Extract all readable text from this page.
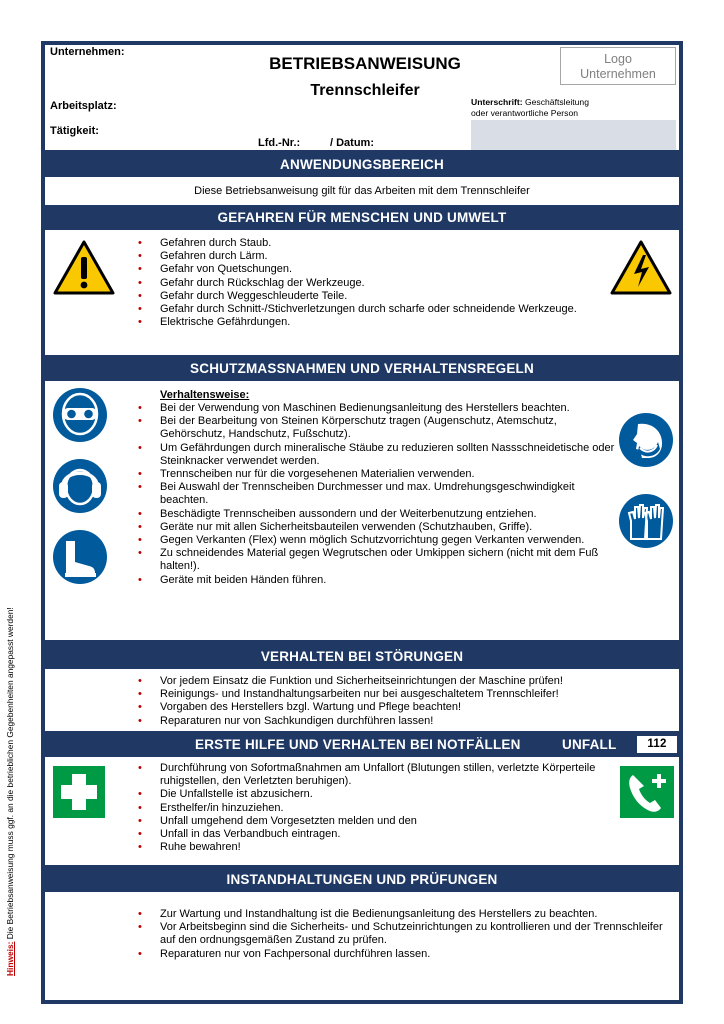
Hinweis: Die Betriebsanweisung muss ggf. an die betrieblichen Gegebenheiten angepasst werden!
Unternehmen:
Arbeitsplatz:
Tätigkeit:
BETRIEBSANWEISUNG
Trennschleifer
Lfd.-Nr.:	/ Datum:
Logo
Unternehmen
Unterschrift: Geschäftsleitung
oder verantwortliche Person
ANWENDUNGSBEREICH
Diese Betriebsanweisung gilt für das Arbeiten mit dem Trennschleifer
GEFAHREN FÜR MENSCHEN UND UMWELT
• Gefahren durch Staub.
• Gefahren durch Lärm.
• Gefahr von Quetschungen.
• Gefahr durch Rückschlag der Werkzeuge.
• Gefahr durch Weggeschleuderte Teile.
• Gefahr durch Schnitt-/Stichverletzungen durch scharfe oder schneidende Werkzeuge.
• Elektrische Gefährdungen.
SCHUTZMASSNAHMEN UND VERHALTENSREGELN
Verhaltensweise:
• Bei der Verwendung von Maschinen Bedienungsanleitung des Herstellers beachten.
• Bei der Bearbeitung von Steinen Körperschutz tragen (Augenschutz, Atemschutz, Gehörschutz, Handschutz, Fußschutz).
• Um Gefährdungen durch mineralische Stäube zu reduzieren sollten Nassschneidetische oder Steinknacker verwendet werden.
• Trennscheiben nur für die vorgesehenen Materialien verwenden.
• Bei Auswahl der Trennscheiben Durchmesser und max. Umdrehungsgeschwindigkeit beachten.
• Beschädigte Trennscheiben aussondern und der Weiterbenutzung entziehen.
• Geräte nur mit allen Sicherheitsbauteilen verwenden (Schutzhauben, Griffe).
• Gegen Verkanten (Flex) wenn möglich Schutzvorrichtung gegen Verkanten verwenden.
• Zu schneidendes Material gegen Wegrutschen oder Umkippen sichern (nicht mit dem Fuß halten!).
• Geräte mit beiden Händen führen.
VERHALTEN BEI STÖRUNGEN
• Vor jedem Einsatz die Funktion und Sicherheitseinrichtungen der Maschine prüfen!
• Reinigungs- und Instandhaltungsarbeiten nur bei ausgeschaltetem Trennschleifer!
• Vorgaben des Herstellers bzgl. Wartung und Pflege beachten!
• Reparaturen nur von Sachkundigen durchführen lassen!
ERSTE HILFE UND VERHALTEN BEI NOTFÄLLEN	UNFALL	112
• Durchführung von Sofortmaßnahmen am Unfallort (Blutungen stillen, verletzte Körperteile ruhigstellen, den Verletzten beruhigen).
• Die Unfallstelle ist abzusichern.
• Ersthelfer/in hinzuziehen.
• Unfall umgehend dem Vorgesetzten melden und den
• Unfall in das Verbandbuch eintragen.
• Ruhe bewahren!
INSTANDHALTUNGEN UND PRÜFUNGEN
• Zur Wartung und Instandhaltung ist die Bedienungsanleitung des Herstellers zu beachten.
• Vor Arbeitsbeginn sind die Sicherheits- und Schutzeinrichtungen zu kontrollieren und der Trennschleifer auf den ordnungsgemäßen Zustand zu prüfen.
• Reparaturen nur von Fachpersonal durchführen lassen.
